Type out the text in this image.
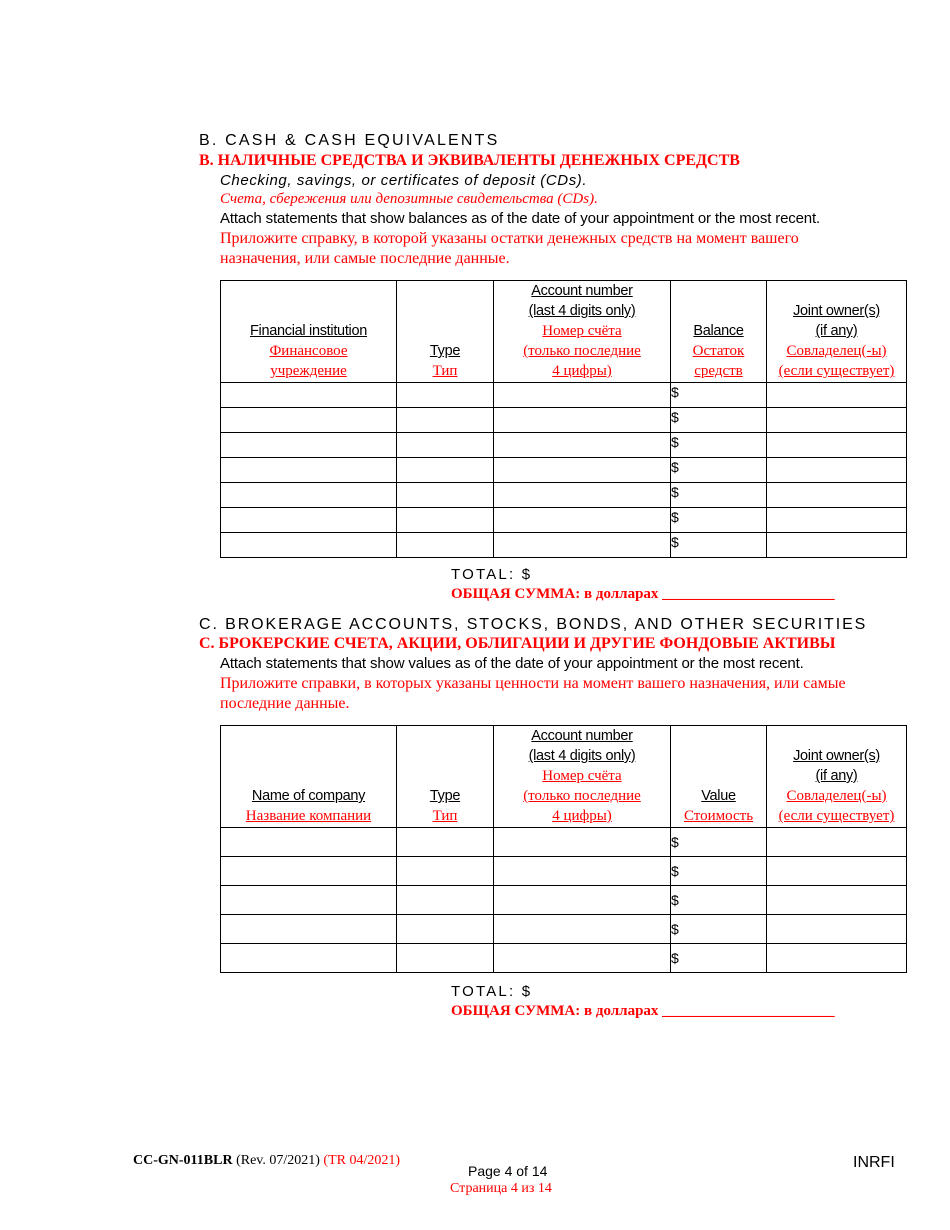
B. CASH & CASH EQUIVALENTS
В. НАЛИЧНЫЕ СРЕДСТВА И ЭКВИВАЛЕНТЫ ДЕНЕЖНЫХ СРЕДСТВ
Checking, savings, or certificates of deposit (CDs).
Счета, сбережения или депозитные свидетельства (CDs).
Attach statements that show balances as of the date of your appointment or the most recent.
Приложите справку, в которой указаны остатки денежных средств на момент вашего
назначения, или самые последние данные.
Financial institution
Финансовое
учреждение	Type
Тип	Account number
(last 4 digits only)
Номер счёта
(только последние
4 цифры)	Balance
Остаток
средств	Joint owner(s)
(if any)
Совладелец(-ы)
(если существует)

			$	
			$	
			$	
			$	
			$	
			$	
			$	
TOTAL: $
ОБЩАЯ СУММА: в долларах _______________________
C. BROKERAGE ACCOUNTS, STOCKS, BONDS, AND OTHER SECURITIES
С. БРОКЕРСКИЕ СЧЕТА, АКЦИИ, ОБЛИГАЦИИ И ДРУГИЕ ФОНДОВЫЕ АКТИВЫ
Attach statements that show values as of the date of your appointment or the most recent.
Приложите справки, в которых указаны ценности на момент вашего назначения, или самые
последние данные.
Name of company
Название компании	Type
Тип	Account number
(last 4 digits only)
Номер счёта
(только последние
4 цифры)	Value
Стоимость	Joint owner(s)
(if any)
Совладелец(-ы)
(если существует)

			$	
			$	
			$	
			$	
			$	
TOTAL: $
ОБЩАЯ СУММА: в долларах _______________________
CC-GN-011BLR (Rev. 07/2021) (TR 04/2021)
Page 4 of 14
Страница 4 из 14
INRFI
